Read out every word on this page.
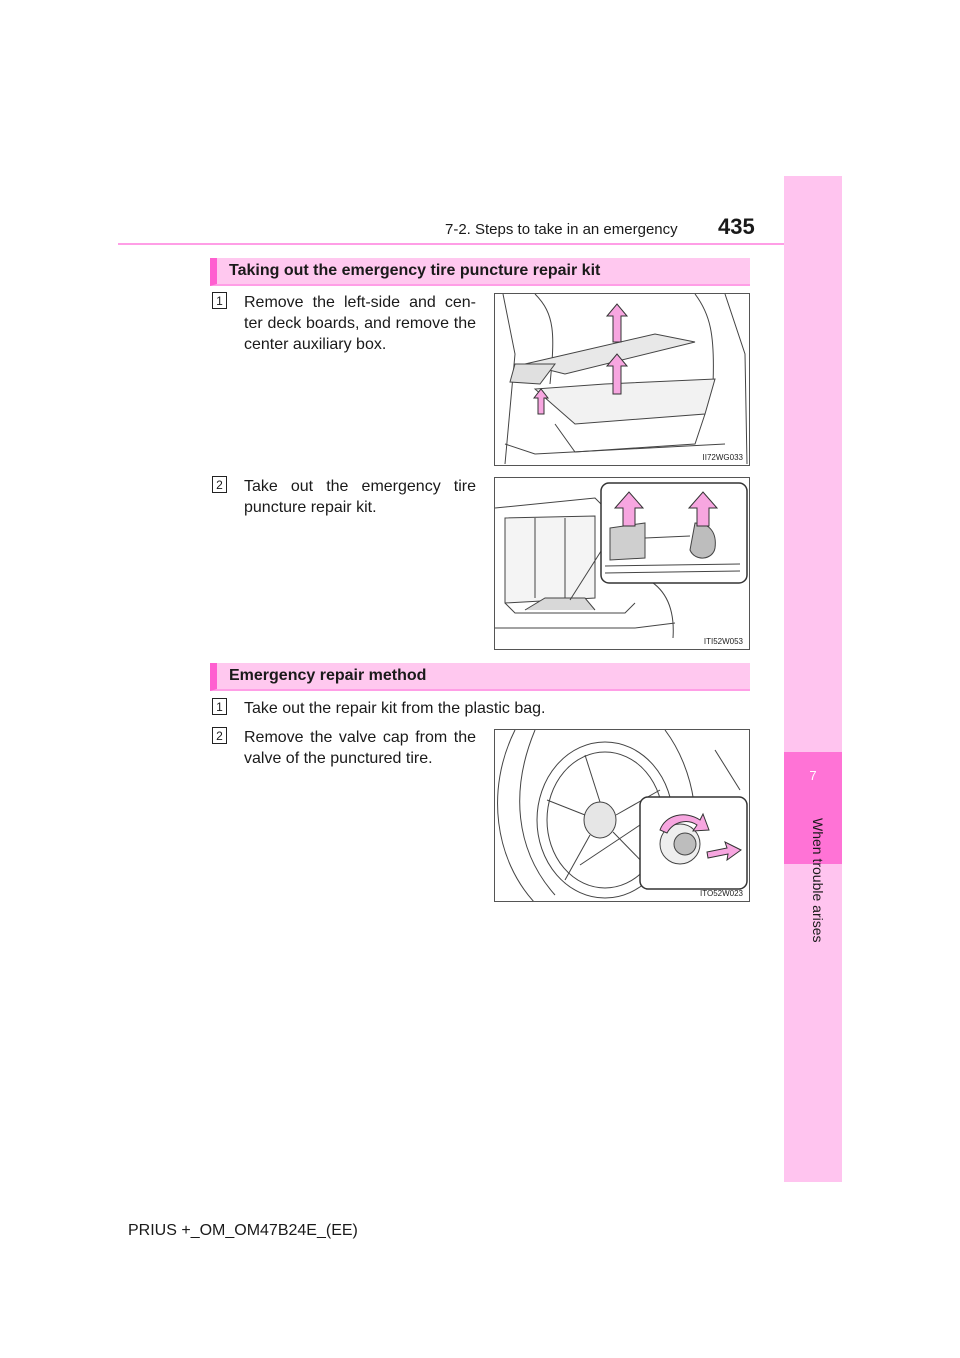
7-2. Steps to take in an emergency 435
7
When trouble arises
Taking out the emergency tire puncture repair kit
1 Remove the left-side and cen- ter deck boards, and remove the center auxiliary box.
II72WG033
2 Take out the emergency tire puncture repair kit.
ITI52W053
Emergency repair method
1 Take out the repair kit from the plastic bag.
2 Remove the valve cap from the valve of the punctured tire.
ITO52W023
PRIUS +_OM_OM47B24E_(EE)
